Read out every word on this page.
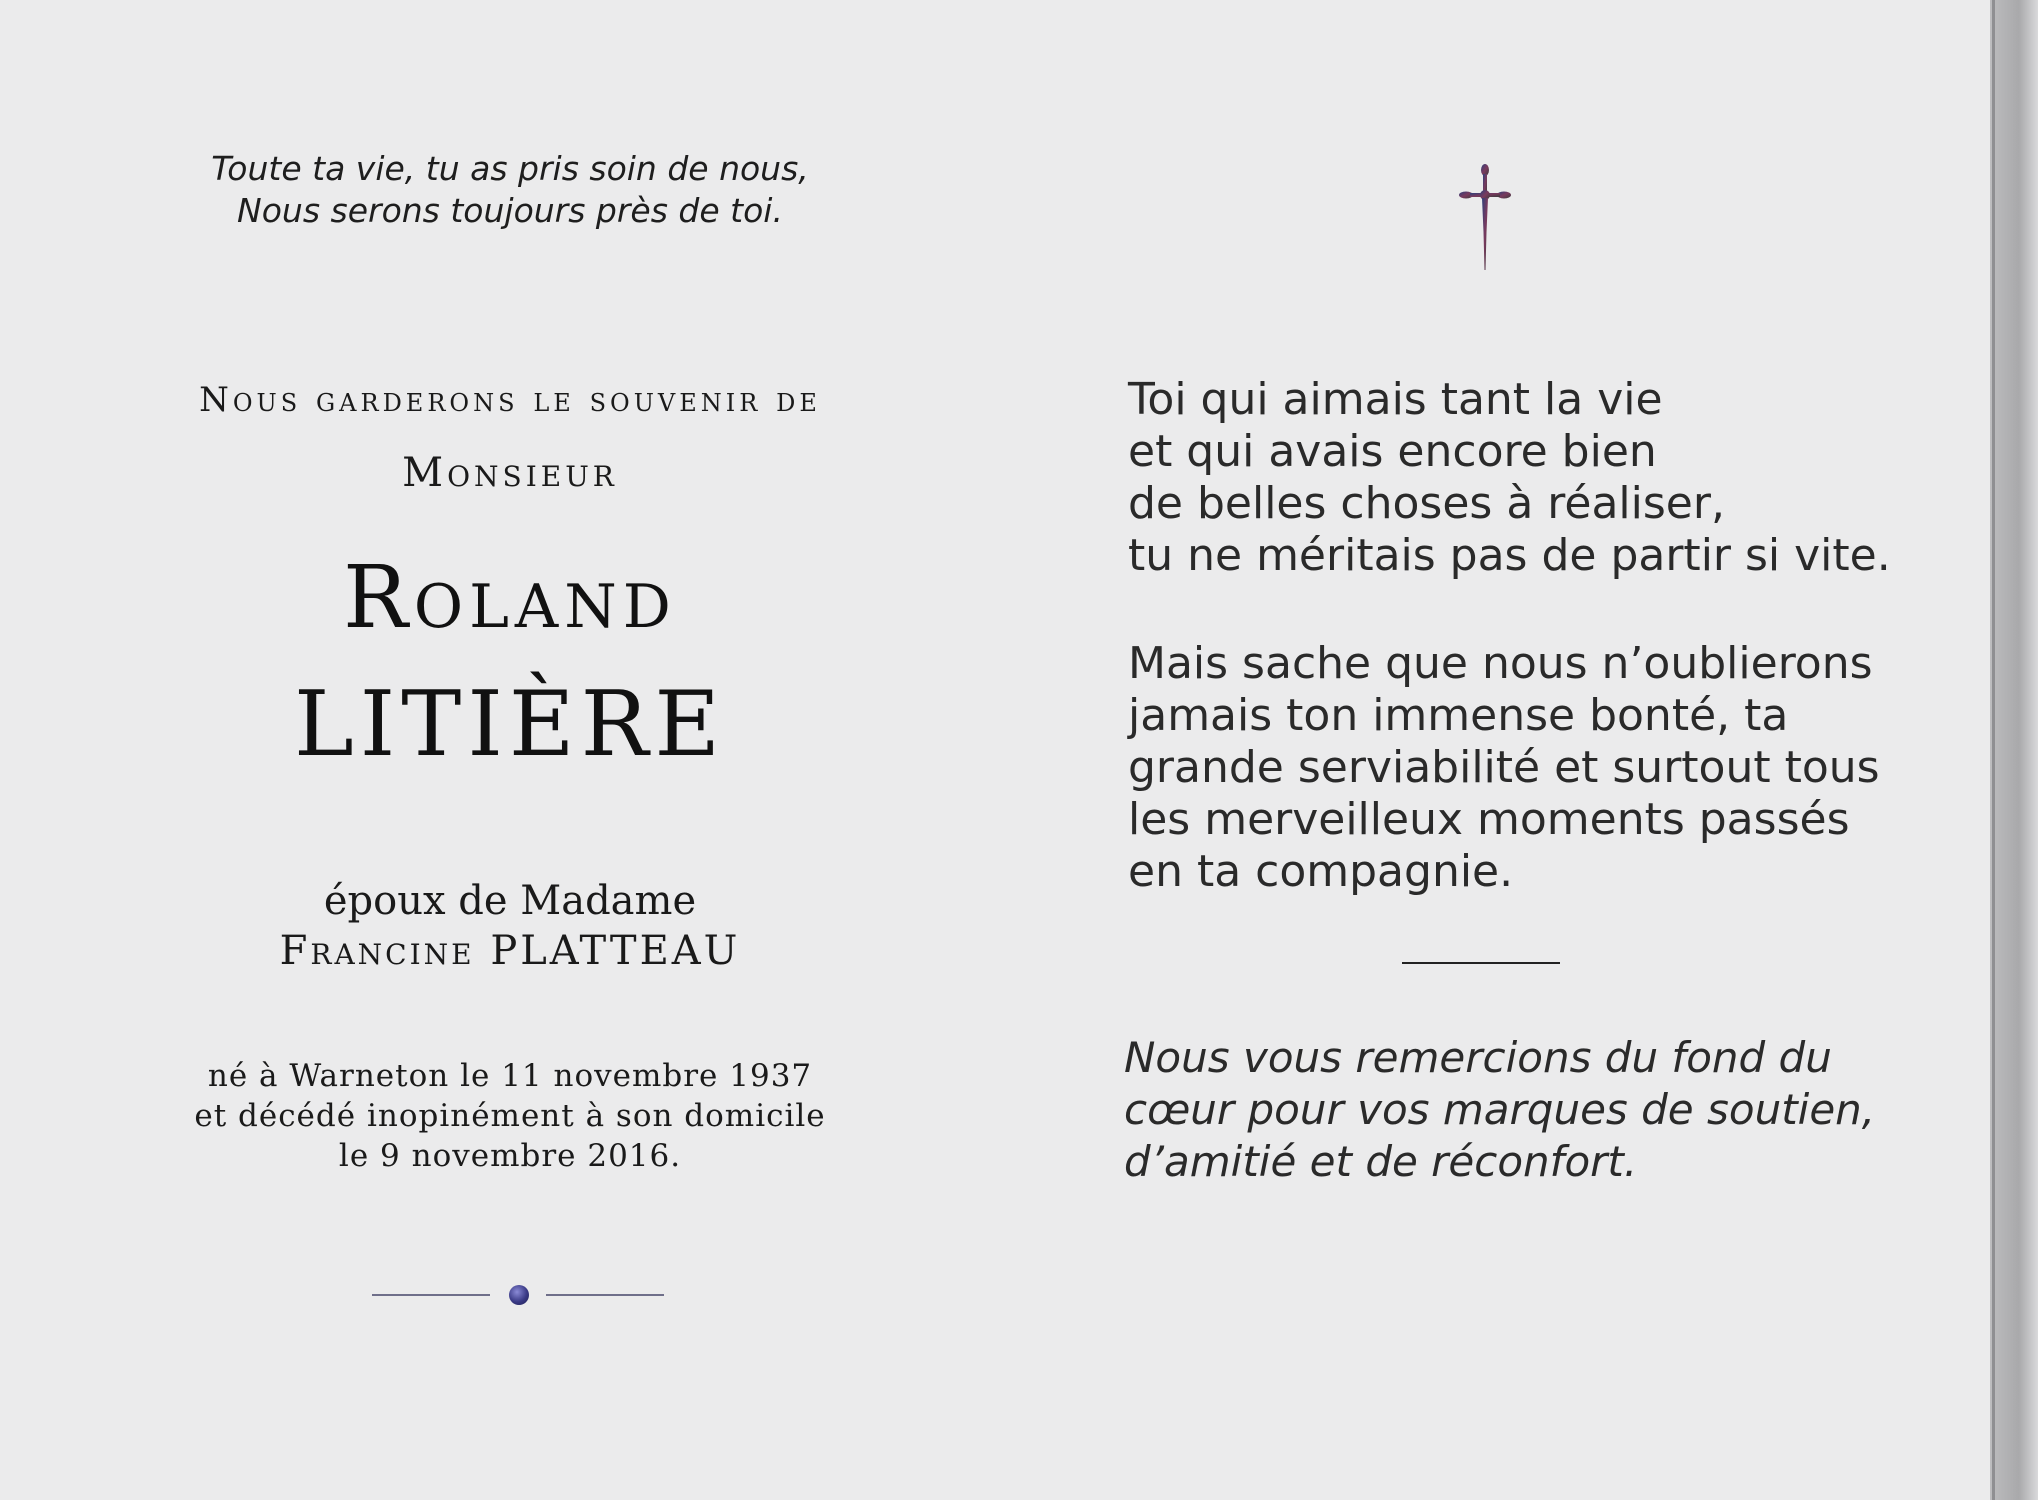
Toute ta vie, tu as pris soin de nous,
Nous serons toujours près de toi.
Nous garderons le souvenir de
Monsieur
Roland
LITIÈRE
époux de Madame
Francine PLATTEAU
né à Warneton le 11 novembre 1937
et décédé inopinément à son domicile
le 9 novembre 2016.
Toi qui aimais tant la vie
et qui avais encore bien
de belles choses à réaliser,
tu ne méritais pas de partir si vite.
Mais sache que nous n’oublierons
jamais ton immense bonté, ta
grande serviabilité et surtout tous
les merveilleux moments passés
en ta compagnie.
Nous vous remercions du fond du
cœur pour vos marques de soutien,
d’amitié et de réconfort.
